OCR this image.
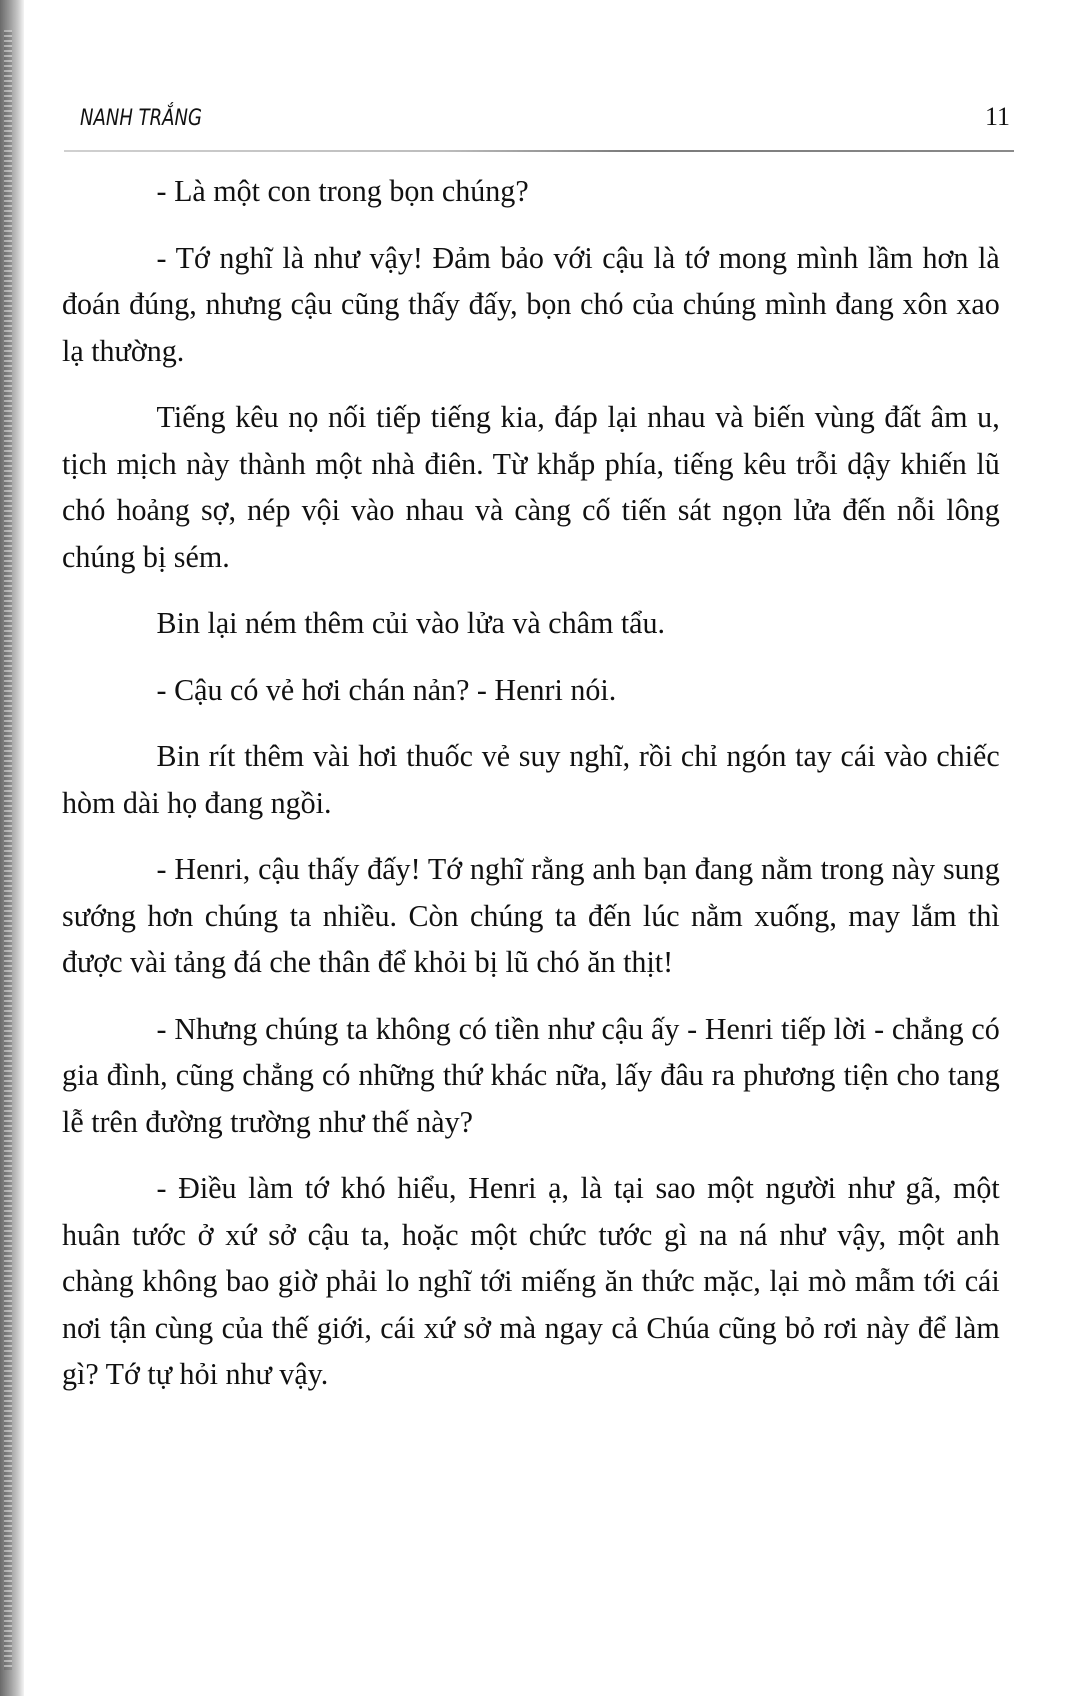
NANH TRẮNG	11

- Là một con trong bọn chúng?

- Tớ nghĩ là như vậy! Đảm bảo với cậu là tớ mong mình lầm hơn là đoán đúng, nhưng cậu cũng thấy đấy, bọn chó của chúng mình đang xôn xao lạ thường.

Tiếng kêu nọ nối tiếp tiếng kia, đáp lại nhau và biến vùng đất âm u, tịch mịch này thành một nhà điên. Từ khắp phía, tiếng kêu trỗi dậy khiến lũ chó hoảng sợ, nép vội vào nhau và càng cố tiến sát ngọn lửa đến nỗi lông chúng bị sém.

Bin lại ném thêm củi vào lửa và châm tẩu.

- Cậu có vẻ hơi chán nản? - Henri nói.

Bin rít thêm vài hơi thuốc vẻ suy nghĩ, rồi chỉ ngón tay cái vào chiếc hòm dài họ đang ngồi.

- Henri, cậu thấy đấy! Tớ nghĩ rằng anh bạn đang nằm trong này sung sướng hơn chúng ta nhiều. Còn chúng ta đến lúc nằm xuống, may lắm thì được vài tảng đá che thân để khỏi bị lũ chó ăn thịt!

- Nhưng chúng ta không có tiền như cậu ấy - Henri tiếp lời - chẳng có gia đình, cũng chẳng có những thứ khác nữa, lấy đâu ra phương tiện cho tang lễ trên đường trường như thế này?

- Điều làm tớ khó hiểu, Henri ạ, là tại sao một người như gã, một huân tước ở xứ sở cậu ta, hoặc một chức tước gì na ná như vậy, một anh chàng không bao giờ phải lo nghĩ tới miếng ăn thức mặc, lại mò mẫm tới cái nơi tận cùng của thế giới, cái xứ sở mà ngay cả Chúa cũng bỏ rơi này để làm gì? Tớ tự hỏi như vậy.
